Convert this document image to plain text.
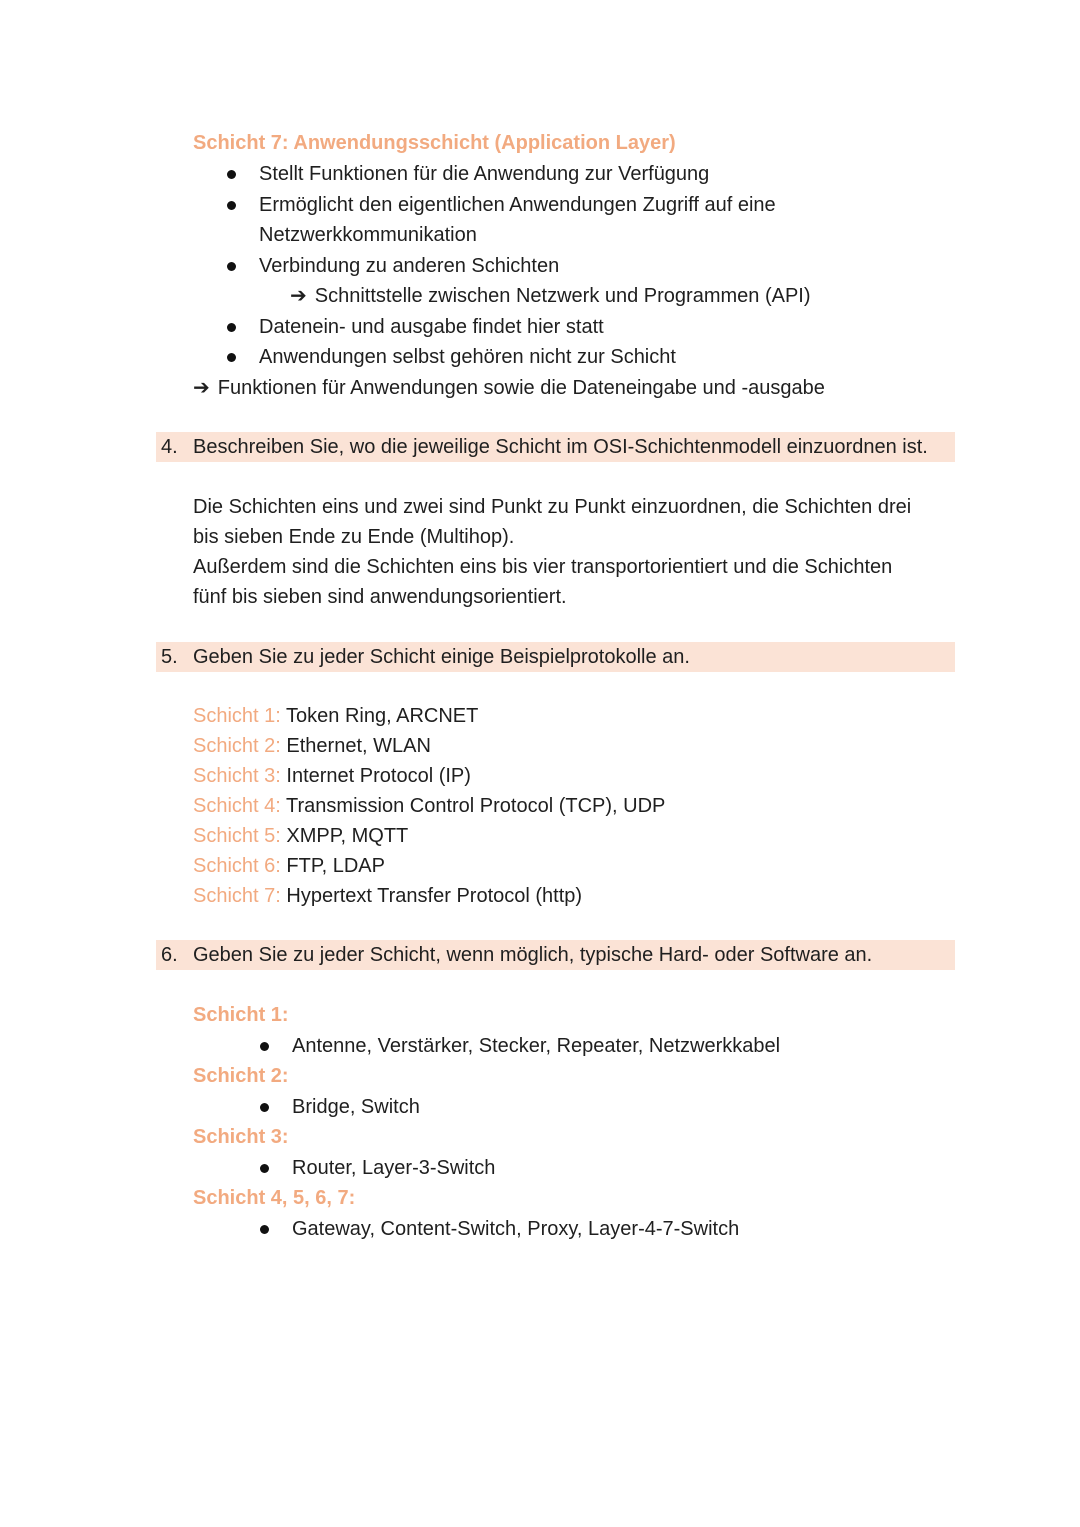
Schicht 7: Anwendungsschicht (Application Layer)
Stellt Funktionen für die Anwendung zur Verfügung
Ermöglicht den eigentlichen Anwendungen Zugriff auf eine
Netzwerkkommunikation
Verbindung zu anderen Schichten
➔ Schnittstelle zwischen Netzwerk und Programmen (API)
Datenein- und ausgabe findet hier statt
Anwendungen selbst gehören nicht zur Schicht
➔ Funktionen für Anwendungen sowie die Dateneingabe und -ausgabe
4. Beschreiben Sie, wo die jeweilige Schicht im OSI-Schichtenmodell einzuordnen ist.
Die Schichten eins und zwei sind Punkt zu Punkt einzuordnen, die Schichten drei
bis sieben Ende zu Ende (Multihop).
Außerdem sind die Schichten eins bis vier transportorientiert und die Schichten
fünf bis sieben sind anwendungsorientiert.
5. Geben Sie zu jeder Schicht einige Beispielprotokolle an.
Schicht 1: Token Ring, ARCNET
Schicht 2: Ethernet, WLAN
Schicht 3: Internet Protocol (IP)
Schicht 4: Transmission Control Protocol (TCP), UDP
Schicht 5: XMPP, MQTT
Schicht 6: FTP, LDAP
Schicht 7: Hypertext Transfer Protocol (http)
6. Geben Sie zu jeder Schicht, wenn möglich, typische Hard- oder Software an.
Schicht 1:
Antenne, Verstärker, Stecker, Repeater, Netzwerkkabel
Schicht 2:
Bridge, Switch
Schicht 3:
Router, Layer-3-Switch
Schicht 4, 5, 6, 7:
Gateway, Content-Switch, Proxy, Layer-4-7-Switch
